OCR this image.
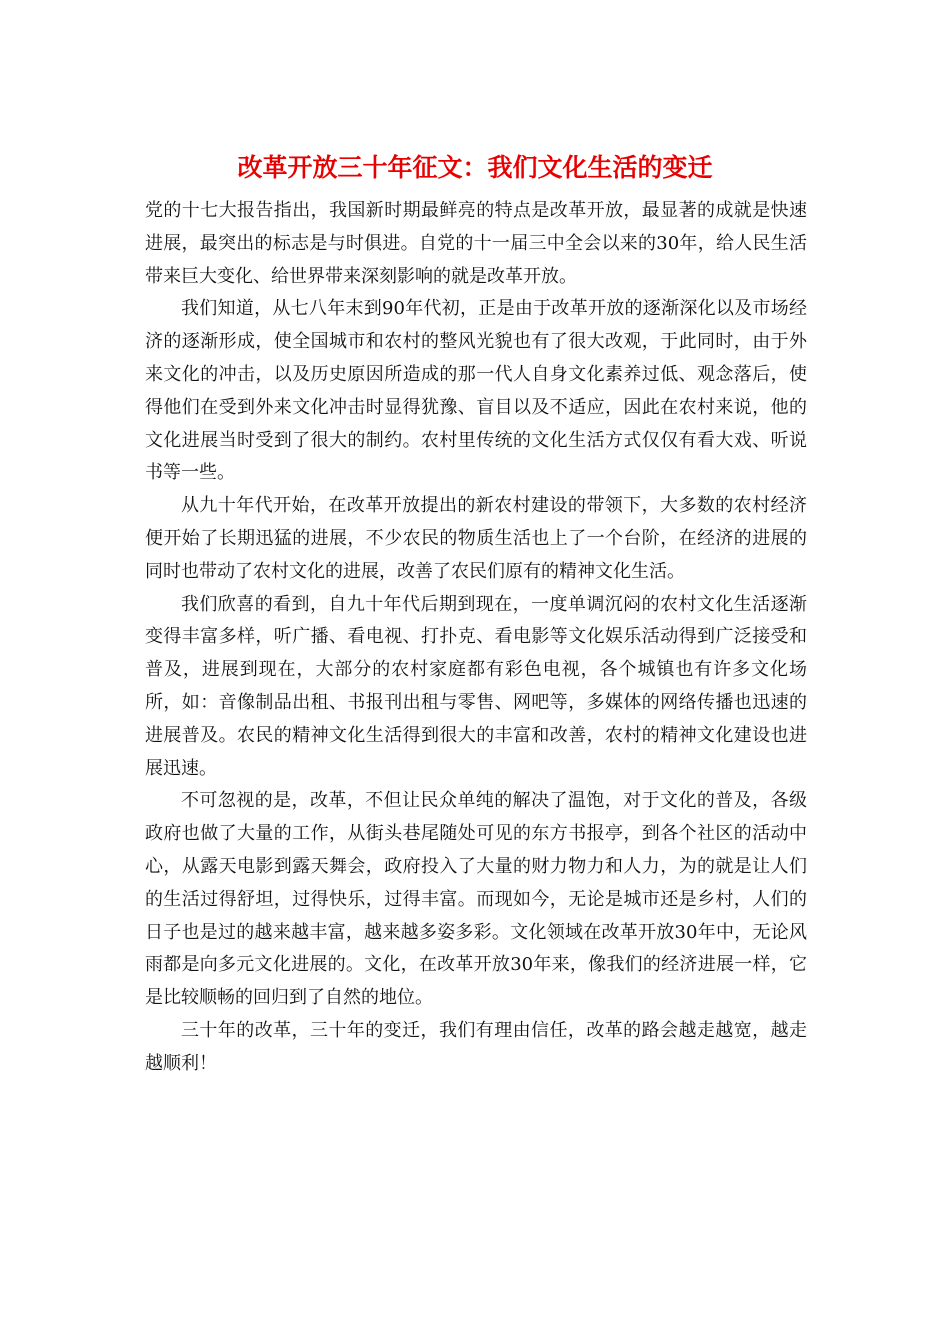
改革开放三十年征文：我们文化生活的变迁

党的十七大报告指出，我国新时期最鲜亮的特点是改革开放，最显著的成就是快速进展，最突出的标志是与时俱进。自党的十一届三中全会以来的30年，给人民生活带来巨大变化、给世界带来深刻影响的就是改革开放。

我们知道，从七八年末到90年代初，正是由于改革开放的逐渐深化以及市场经济的逐渐形成，使全国城市和农村的整风光貌也有了很大改观，于此同时，由于外来文化的冲击，以及历史原因所造成的那一代人自身文化素养过低、观念落后，使得他们在受到外来文化冲击时显得犹豫、盲目以及不适应，因此在农村来说，他的文化进展当时受到了很大的制约。农村里传统的文化生活方式仅仅有看大戏、听说书等一些。

从九十年代开始，在改革开放提出的新农村建设的带领下，大多数的农村经济便开始了长期迅猛的进展，不少农民的物质生活也上了一个台阶，在经济的进展的同时也带动了农村文化的进展，改善了农民们原有的精神文化生活。

我们欣喜的看到，自九十年代后期到现在，一度单调沉闷的农村文化生活逐渐变得丰富多样，听广播、看电视、打扑克、看电影等文化娱乐活动得到广泛接受和普及，进展到现在，大部分的农村家庭都有彩色电视，各个城镇也有许多文化场所，如：音像制品出租、书报刊出租与零售、网吧等，多媒体的网络传播也迅速的进展普及。农民的精神文化生活得到很大的丰富和改善，农村的精神文化建设也进展迅速。

不可忽视的是，改革，不但让民众单纯的解决了温饱，对于文化的普及，各级政府也做了大量的工作，从街头巷尾随处可见的东方书报亭，到各个社区的活动中心，从露天电影到露天舞会，政府投入了大量的财力物力和人力，为的就是让人们的生活过得舒坦，过得快乐，过得丰富。而现如今，无论是城市还是乡村，人们的日子也是过的越来越丰富，越来越多姿多彩。文化领域在改革开放30年中，无论风雨都是向多元文化进展的。文化，在改革开放30年来，像我们的经济进展一样，它是比较顺畅的回归到了自然的地位。

三十年的改革，三十年的变迁，我们有理由信任，改革的路会越走越宽，越走越顺利！
